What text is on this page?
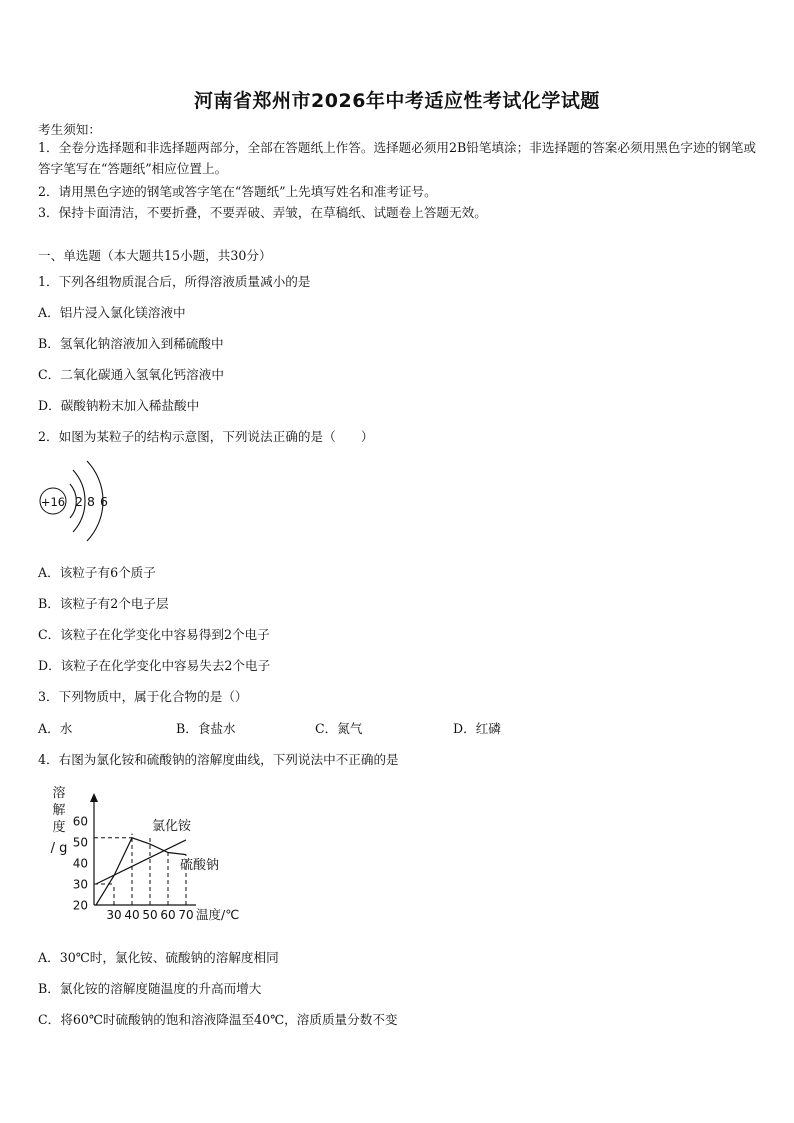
河南省郑州市2026年中考适应性考试化学试题
考生须知：
1．全卷分选择题和非选择题两部分，全部在答题纸上作答。选择题必须用2B铅笔填涂；非选择题的答案必须用黑色字迹的钢笔或答字笔写在“答题纸”相应位置上。
2．请用黑色字迹的钢笔或答字笔在“答题纸”上先填写姓名和准考证号。
3．保持卡面清洁，不要折叠，不要弄破、弄皱，在草稿纸、试题卷上答题无效。
一、单选题（本大题共15小题，共30分）
1．下列各组物质混合后，所得溶液质量减小的是
A．铝片浸入氯化镁溶液中
B．氢氧化钠溶液加入到稀硫酸中
C．二氧化碳通入氢氧化钙溶液中
D．碳酸钠粉末加入稀盐酸中
2．如图为某粒子的结构示意图，下列说法正确的是（　　）
+16 2 8 6
A．该粒子有6个质子
B．该粒子有2个电子层
C．该粒子在化学变化中容易得到2个电子
D．该粒子在化学变化中容易失去2个电子
3．下列物质中，属于化合物的是（）
A．水	B．食盐水	C．氮气	D．红磷
4．右图为氯化铵和硫酸钠的溶解度曲线，下列说法中不正确的是
溶
解
度
/ g
20
30
40
50
60
30 40 50 60 70 温度/℃
氯化铵
硫酸钠
A．30℃时，氯化铵、硫酸钠的溶解度相同
B．氯化铵的溶解度随温度的升高而增大
C．将60℃时硫酸钠的饱和溶液降温至40℃，溶质质量分数不变
